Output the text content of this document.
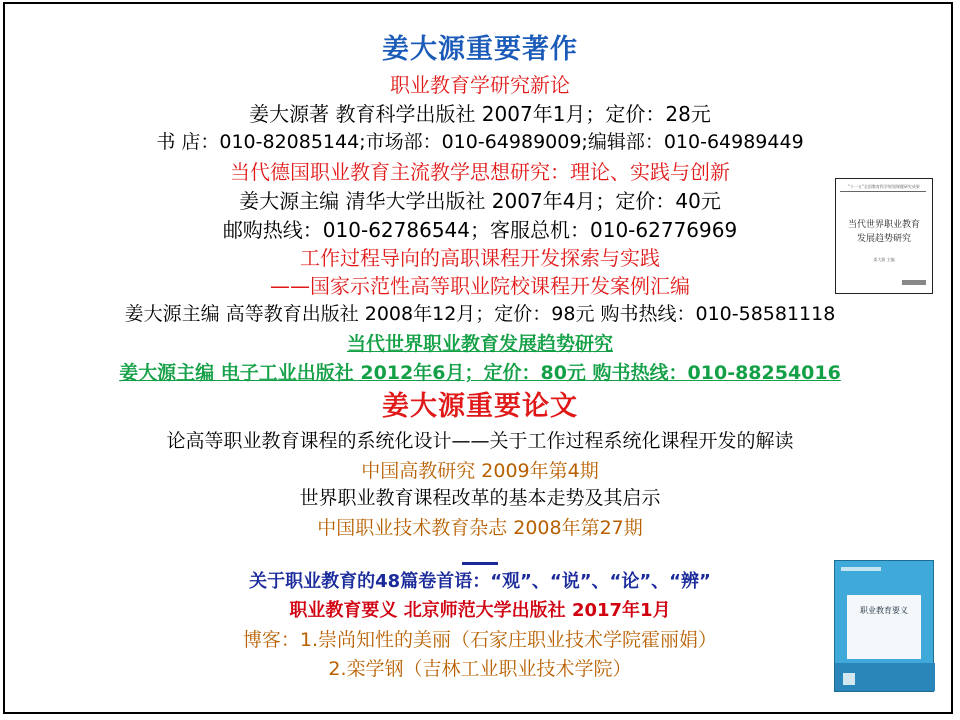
姜大源重要著作
职业教育学研究新论
姜大源著 教育科学出版社 2007年1月；定价：28元
书 店：010-82085144;市场部：010-64989009;编辑部：010-64989449
当代德国职业教育主流教学思想研究：理论、实践与创新
姜大源主编 清华大学出版社 2007年4月；定价：40元
邮购热线：010-62786544；客服总机：010-62776969
工作过程导向的高职课程开发探索与实践
——国家示范性高等职业院校课程开发案例汇编
姜大源主编 高等教育出版社 2008年12月；定价：98元 购书热线：010-58581118
当代世界职业教育发展趋势研究
姜大源主编 电子工业出版社 2012年6月；定价：80元 购书热线：010-88254016
姜大源重要论文
论高等职业教育课程的系统化设计——关于工作过程系统化课程开发的解读
中国高教研究 2009年第4期
世界职业教育课程改革的基本走势及其启示
中国职业技术教育杂志 2008年第27期
关于职业教育的48篇卷首语：“观”、“说”、“论”、“辨”
职业教育要义 北京师范大学出版社 2017年1月
博客：1.崇尚知性的美丽（石家庄职业技术学院霍丽娟）
2.栾学钢（吉林工业职业技术学院）
"十一五"全国教育科学规划课题研究成果
当代世界职业教育
发展趋势研究
姜大源 主编
职业教育要义
